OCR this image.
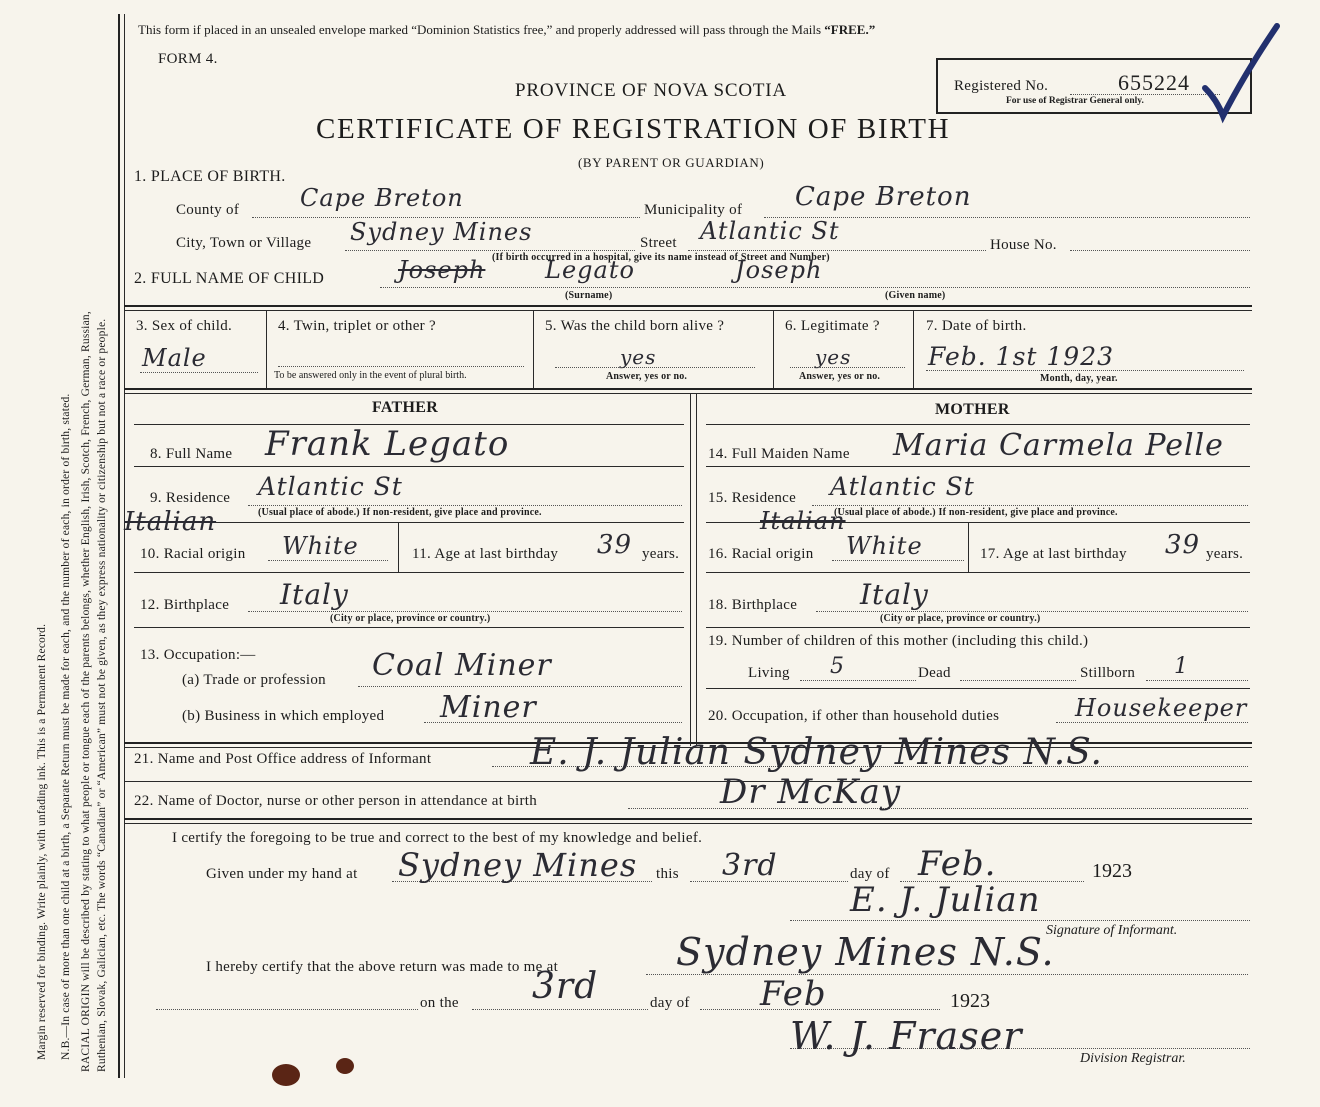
Margin reserved for binding. Write plainly, with unfading ink. This is a Permanent Record. N.B.—In case of more than one child at a birth, a Separate Return must be made for each, and the number of each, in order of birth, stated. RACIAL ORIGIN will be described by stating to what people or tongue each of the parents belongs, whether English, Irish, Scotch, French, German, Russian, Ruthenian, Slovak, Galician, etc. The words “Canadian” or “American” must not be given, as they express nationality or citizenship but not a race or people.
This form if placed in an unsealed envelope marked “Dominion Statistics free,” and properly addressed will pass through the Mails “FREE.”
FORM 4.
PROVINCE OF NOVA SCOTIA
CERTIFICATE OF REGISTRATION OF BIRTH
(BY PARENT OR GUARDIAN)
Registered No.	655224
For use of Registrar General only.
1. PLACE OF BIRTH.
County of	Cape Breton	Municipality of Cape Breton
City, Town or Village Sydney Mines	Street Atlantic St	House No.
(If birth occurred in a hospital, give its name instead of Street and Number)
2. FULL NAME OF CHILD	Joseph Legato	Joseph
(Surname)	(Given name)
3. Sex of child.
Male
4. Twin, triplet or other ?
To be answered only in the event of plural birth.
5. Was the child born alive ?
yes
Answer, yes or no.
6. Legitimate ?
yes
Answer, yes or no.
7. Date of birth.
Feb. 1st 1923
Month, day, year.
FATHER	MOTHER
8. Full Name Frank Legato
9. Residence Atlantic St
(Usual place of abode.) If non-resident, give place and province.
Italian
10. Racial origin White	11. Age at last birthday 39 years.
12. Birthplace Italy
(City or place, province or country.)
13. Occupation:—
(a) Trade or profession Coal Miner
(b) Business in which employed Miner
14. Full Maiden Name Maria Carmela Pelle
15. Residence Atlantic St
(Usual place of abode.) If non-resident, give place and province.
Italian
16. Racial origin White	17. Age at last birthday 39 years.
18. Birthplace Italy
(City or place, province or country.)
19. Number of children of this mother (including this child.)
Living 5	Dead	Stillborn 1
20. Occupation, if other than household duties	Housekeeper
21. Name and Post Office address of Informant	E. J. Julian Sydney Mines N.S.
22. Name of Doctor, nurse or other person in attendance at birth	Dr McKay
I certify the foregoing to be true and correct to the best of my knowledge and belief.
Given under my hand at Sydney Mines this 3rd	day of Feb.	1923
E. J. Julian
Signature of Informant.
I hereby certify that the above return was made to me at	Sydney Mines N.S.
on the 3rd	day of Feb	1923
W. J. Fraser
Division Registrar.
